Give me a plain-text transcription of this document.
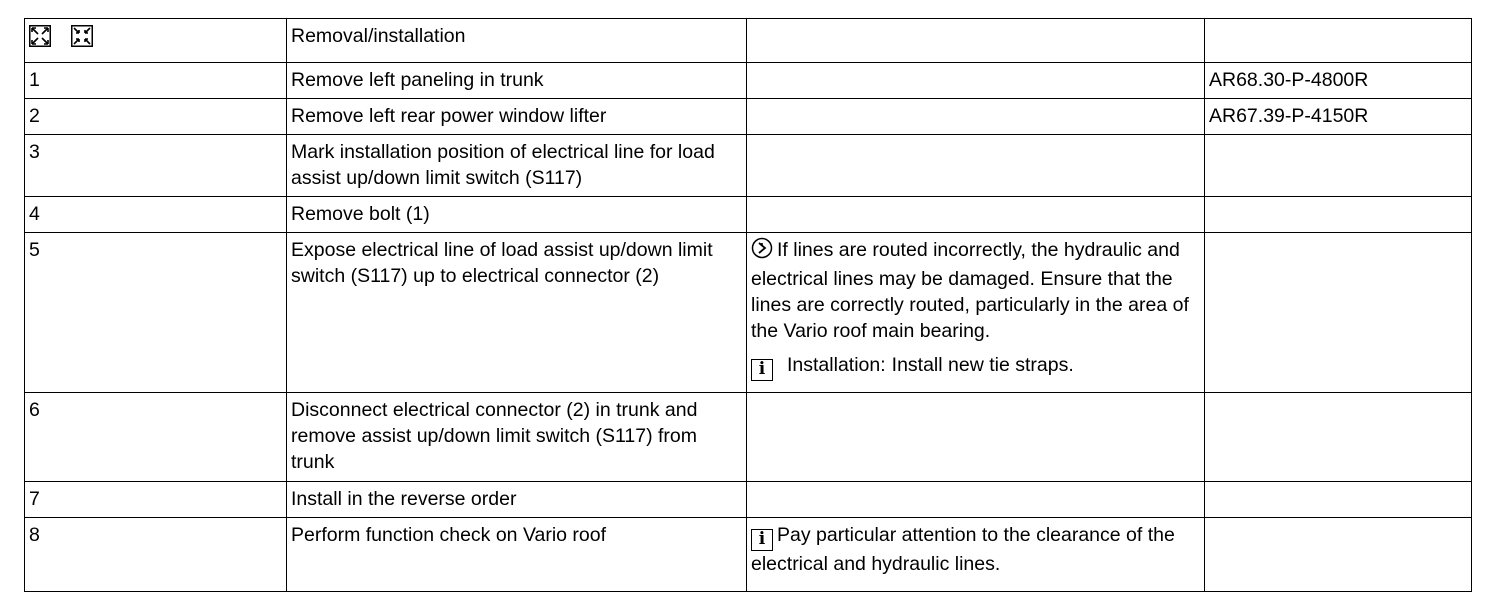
	Removal/installation		
1	Remove left paneling in trunk		AR68.30-P-4800R
2	Remove left rear power window lifter		AR67.39-P-4150R
3	Mark installation position of electrical line for load assist up/down limit switch (S117)		
4	Remove bolt (1)		
5	Expose electrical line of load assist up/down limit switch (S117) up to electrical connector (2)	If lines are routed incorrectly, the hydraulic and electrical lines may be damaged. Ensure that the lines are correctly routed, particularly in the area of the Vario roof main bearing.
i Installation: Install new tie straps.	

6	Disconnect electrical connector (2) in trunk and remove assist up/down limit switch (S117) from trunk		
7	Install in the reverse order		
8	Perform function check on Vario roof	i Pay particular attention to the clearance of the electrical and hydraulic lines.	
